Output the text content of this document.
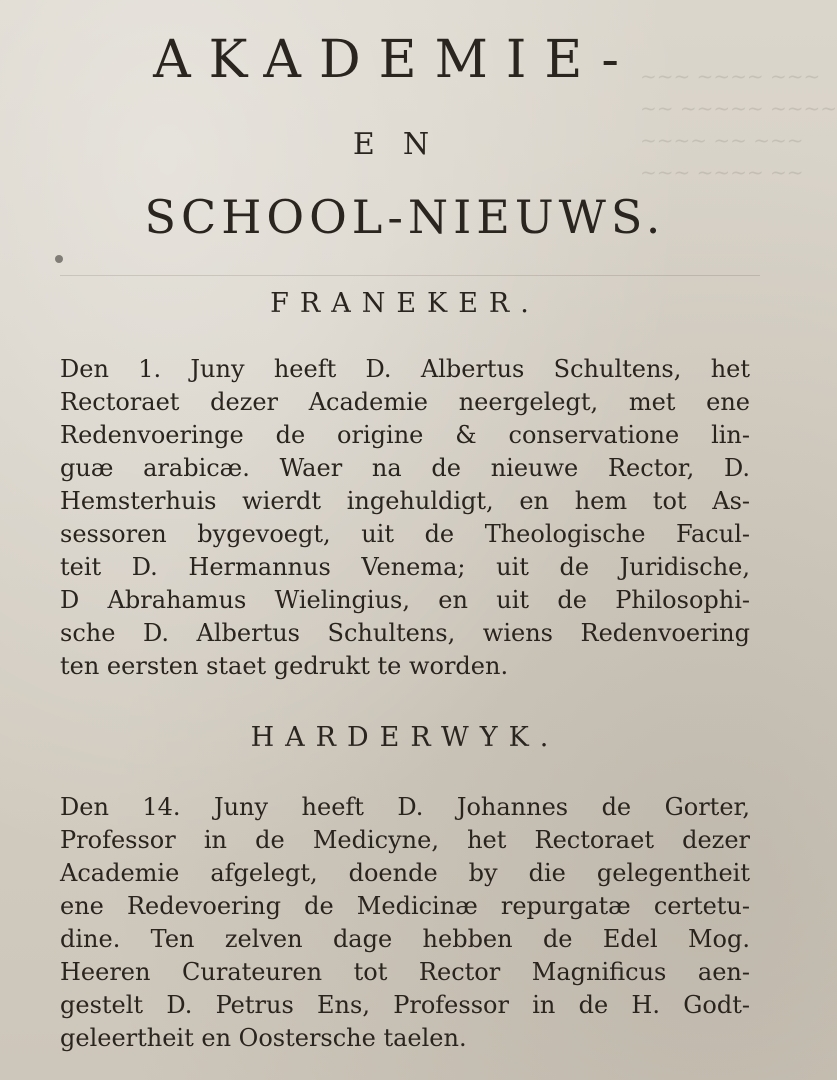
~~~ ~~~~ ~~~
~~ ~~~~~ ~~~~
~~~~ ~~ ~~~
~~~ ~~~~ ~~
AKADEMIE-
EN
SCHOOL-NIEUWS.
FRANEKER.
Den 1. Juny heeft D. Albertus Schultens, het
Rectoraet dezer Academie neergelegt, met ene
Redenvoeringe de origine & conservatione lin-
guæ arabicæ. Waer na de nieuwe Rector, D.
Hemsterhuis wierdt ingehuldigt, en hem tot As-
sessoren bygevoegt, uit de Theologische Facul-
teit D. Hermannus Venema; uit de Juridische,
D Abrahamus Wielingius, en uit de Philosophi-
sche D. Albertus Schultens, wiens Redenvoering
ten eersten staet gedrukt te worden.
HARDERWYK.
Den 14. Juny heeft D. Johannes de Gorter,
Professor in de Medicyne, het Rectoraet dezer
Academie afgelegt, doende by die gelegentheit
ene Redevoering de Medicinæ repurgatæ certetu-
dine. Ten zelven dage hebben de Edel Mog.
Heeren Curateuren tot Rector Magnificus aen-
gestelt D. Petrus Ens, Professor in de H. Godt-
geleertheit en Oostersche taelen.
